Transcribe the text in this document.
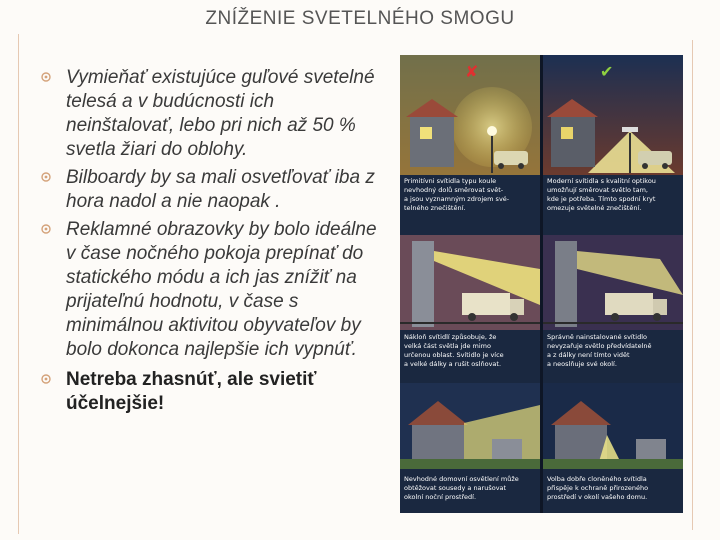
ZNÍŽENIE SVETELNÉHO SMOGU
Vymieňať existujúce guľové svetelné telesá a v budúcnosti ich neinštalovať, lebo pri nich až 50 % svetla žiari do oblohy.
Bilboardy by sa mali osvetľovať iba z hora nadol a nie naopak .
Reklamné obrazovky by bolo ideálne v čase nočného pokoja prepínať do statického módu a ich jas znížiť na prijateľnú hodnotu, v čase s minimálnou aktivitou obyvateľov by bolo dokonca najlepšie ich vypnúť.
Netreba zhasnúť, ale svietiť účelnejšie!
✘	✔
Primitívni svítidla typu koule nevhodný dolů směrovat svět- a jsou vyznamným zdrojem své- telného znečištění.
Moderní svítidla s kvalitní optikou umožňují směrovat světlo tam, kde je potřeba. Tímto spodní kryt omezuje světelné znečištění.
Nákloň svítidlí způsobuje, že velká část světla jde mimo určenou oblast. Svítidlo je více a velké dálky a rušit oslňovat.
Správně nainstalované svítidlo nevyzařuje světlo předvídatelně a z dálky není tímto vidět a neoslňuje své okolí.
Nevhodné domovní osvětlení může obtěžovat sousedy a narušovat okolní noční prostředí.
Volba dobře cloněného svítidla přispěje k ochraně přirozeného prostředí v okolí vašeho domu.
